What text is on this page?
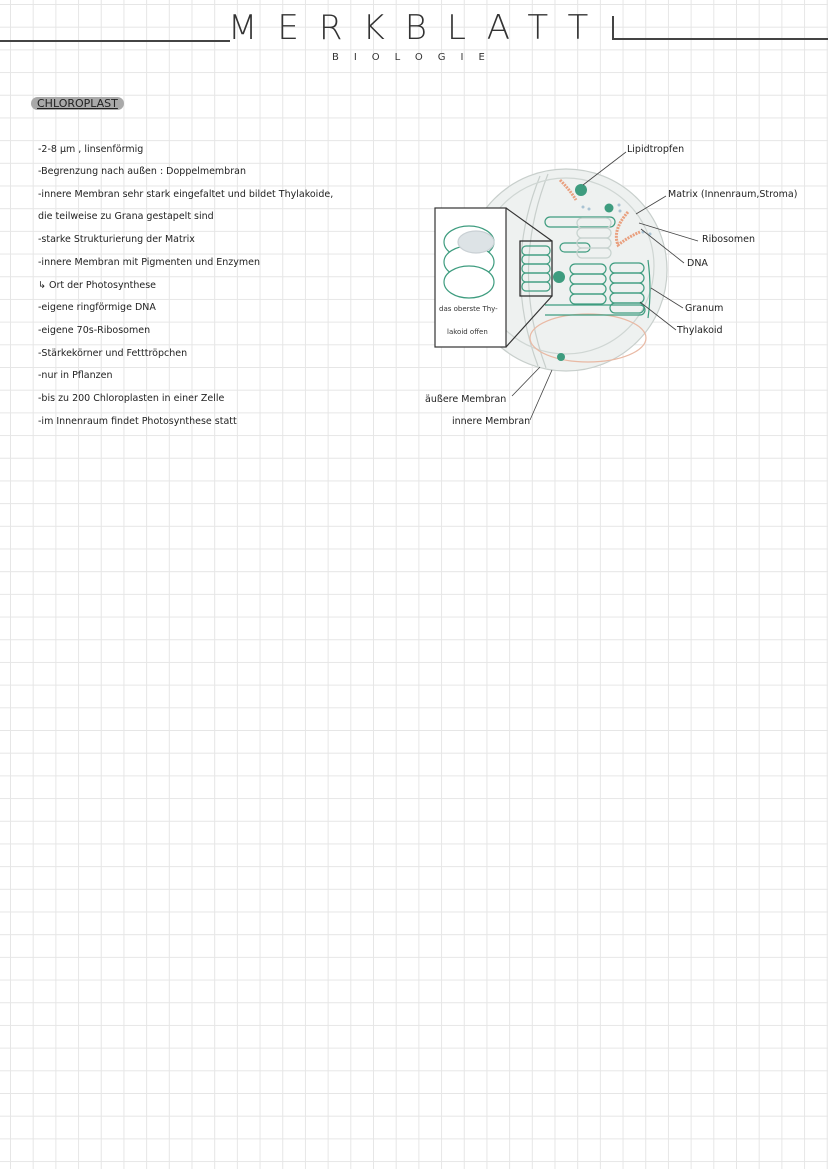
MERKBLATT
BIOLOGIE
CHLOROPLAST
-2-8 µm , linsenförmig
-Begrenzung nach außen : Doppelmembran
-innere Membran sehr stark eingefaltet und bildet Thylakoide,
die teilweise zu Grana gestapelt sind
-starke Strukturierung der Matrix
-innere Membran mit Pigmenten und Enzymen
↳ Ort der Photosynthese
-eigene ringförmige DNA
-eigene 70s-Ribosomen
-Stärkekörner und Fetttröpchen
-nur in Pflanzen
-bis zu 200 Chloroplasten in einer Zelle
-im Innenraum findet Photosynthese statt
das oberste Thy-
lakoid offen
Lipidtropfen
Matrix (Innenraum,Stroma)
Ribosomen
DNA
Granum
Thylakoid
äußere Membran
innere Membran
